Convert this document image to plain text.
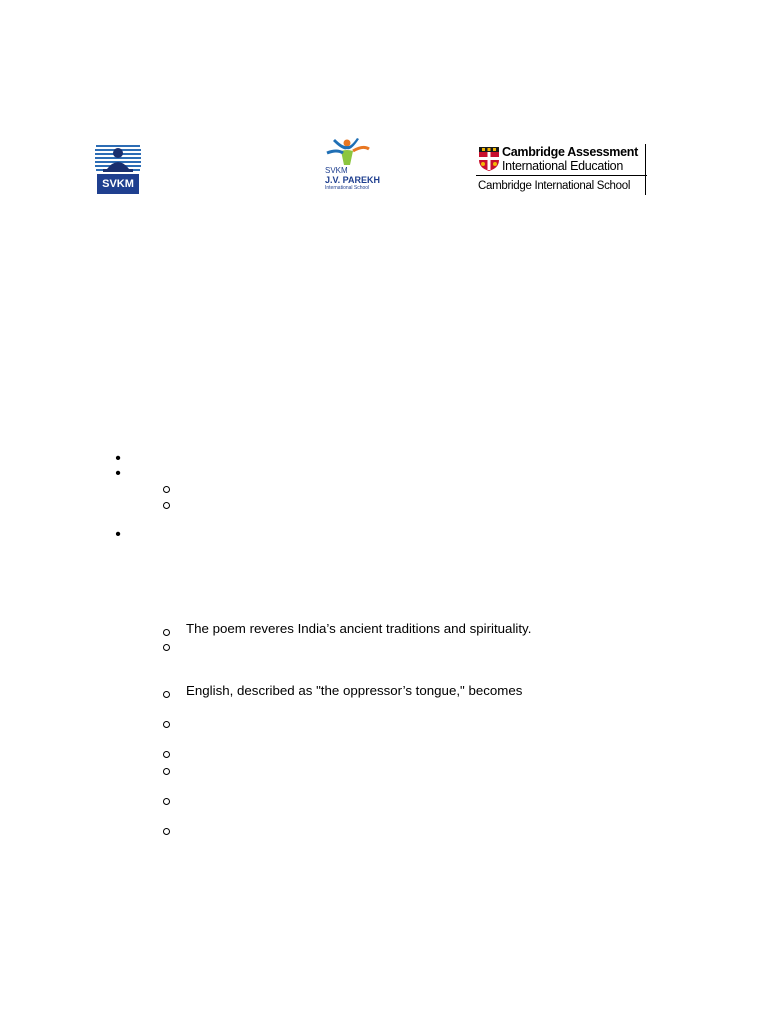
SVKM
SVKM
J.V. PAREKH
International School
Cambridge Assessment
International Education
Cambridge International School
•
•
•
The poem reveres India’s ancient traditions and spirituality.
English, described as "the oppressor’s tongue," becomes
